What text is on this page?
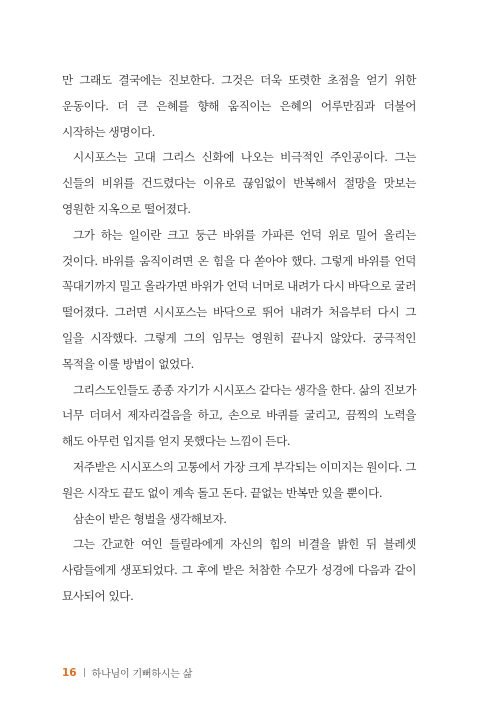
만 그래도 결국에는 진보한다. 그것은 더욱 또렷한 초점을 얻기 위한 운동이다. 더 큰 은혜를 향해 움직이는 은혜의 어루만짐과 더불어 시작하는 생명이다.

시시포스는 고대 그리스 신화에 나오는 비극적인 주인공이다. 그는 신들의 비위를 건드렸다는 이유로 끊임없이 반복해서 절망을 맛보는 영원한 지옥으로 떨어졌다.

그가 하는 일이란 크고 둥근 바위를 가파른 언덕 위로 밀어 올리는 것이다. 바위를 움직이려면 온 힘을 다 쏟아야 했다. 그렇게 바위를 언덕 꼭대기까지 밀고 올라가면 바위가 언덕 너머로 내려가 다시 바닥으로 굴러 떨어졌다. 그러면 시시포스는 바닥으로 뛰어 내려가 처음부터 다시 그 일을 시작했다. 그렇게 그의 임무는 영원히 끝나지 않았다. 궁극적인 목적을 이룰 방법이 없었다.

그리스도인들도 종종 자기가 시시포스 같다는 생각을 한다. 삶의 진보가 너무 더뎌서 제자리걸음을 하고, 손으로 바퀴를 굴리고, 끔찍의 노력을 해도 아무런 입지를 얻지 못했다는 느낌이 든다.

저주받은 시시포스의 고통에서 가장 크게 부각되는 이미지는 원이다. 그 원은 시작도 끝도 없이 계속 돌고 돈다. 끝없는 반복만 있을 뿐이다.

삼손이 받은 형벌을 생각해보자.

그는 간교한 여인 들릴라에게 자신의 힘의 비결을 밝힌 뒤 블레셋 사람들에게 생포되었다. 그 후에 받은 처참한 수모가 성경에 다음과 같이 묘사되어 있다.

16 하나님이 기뻐하시는 삶
